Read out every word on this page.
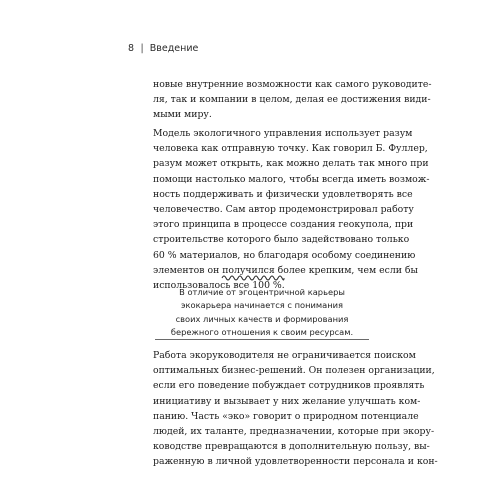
8 | Введение
новые внутренние возможности как самого руководите-
ля, так и компании в целом, делая ее достижения види-
мыми миру.
Модель экологичного управления использует разум
человека как отправную точку. Как говорил Б. Фуллер,
разум может открыть, как можно делать так много при
помощи настолько малого, чтобы всегда иметь возмож-
ность поддерживать и физически удовлетворять все
человечество. Сам автор продемонстрировал работу
этого принципа в процессе создания геокупола, при
строительстве которого было задействовано только
60 % материалов, но благодаря особому соединению
элементов он получился более крепким, чем если бы
использовалось все 100 %.
В отличие от эгоцентричной карьеры
экокарьера начинается с понимания
своих личных качеств и формирования
бережного отношения к своим ресурсам.
Работа экоруководителя не ограничивается поиском
оптимальных бизнес-решений. Он полезен организации,
если его поведение побуждает сотрудников проявлять
инициативу и вызывает у них желание улучшать ком-
панию. Часть «эко» говорит о природном потенциале
людей, их таланте, предназначении, которые при экору-
ководстве превращаются в дополнительную пользу, вы-
раженную в личной удовлетворенности персонала и кон-
